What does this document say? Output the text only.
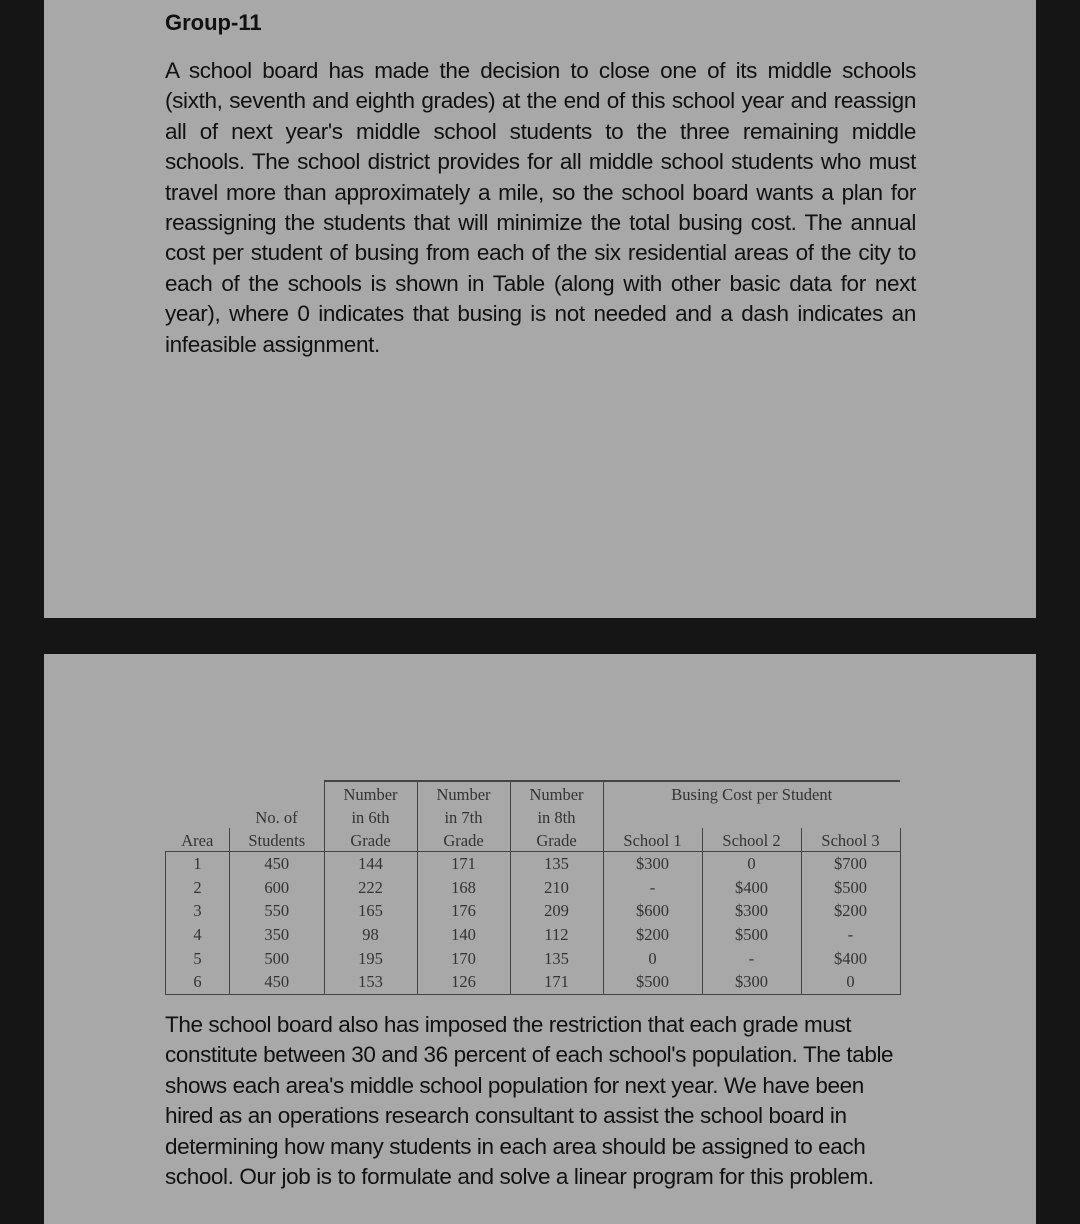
Group-11
A school board has made the decision to close one of its middle schools (sixth, seventh and eighth grades) at the end of this school year and reassign all of next year's middle school students to the three remaining middle schools. The school district provides for all middle school students who must travel more than approximately a mile, so the school board wants a plan for reassigning the students that will minimize the total busing cost. The annual cost per student of busing from each of the six residential areas of the city to each of the schools is shown in Table (along with other basic data for next year), where 0 indicates that busing is not needed and a dash indicates an infeasible assignment.
		Number	Number	Number	Busing Cost per Student		
	No. of	in 6th	in 7th	in 8th			
Area	Students	Grade	Grade	Grade	School 1	School 2	School 3
1	450	144	171	135	$300	0	$700
2	600	222	168	210	-	$400	$500
3	550	165	176	209	$600	$300	$200
4	350	98	140	112	$200	$500	-
5	500	195	170	135	0	-	$400
6	450	153	126	171	$500	$300	0
The school board also has imposed the restriction that each grade must constitute between 30 and 36 percent of each school's population. The table shows each area's middle school population for next year. We have been hired as an operations research consultant to assist the school board in determining how many students in each area should be assigned to each school. Our job is to formulate and solve a linear program for this problem.
